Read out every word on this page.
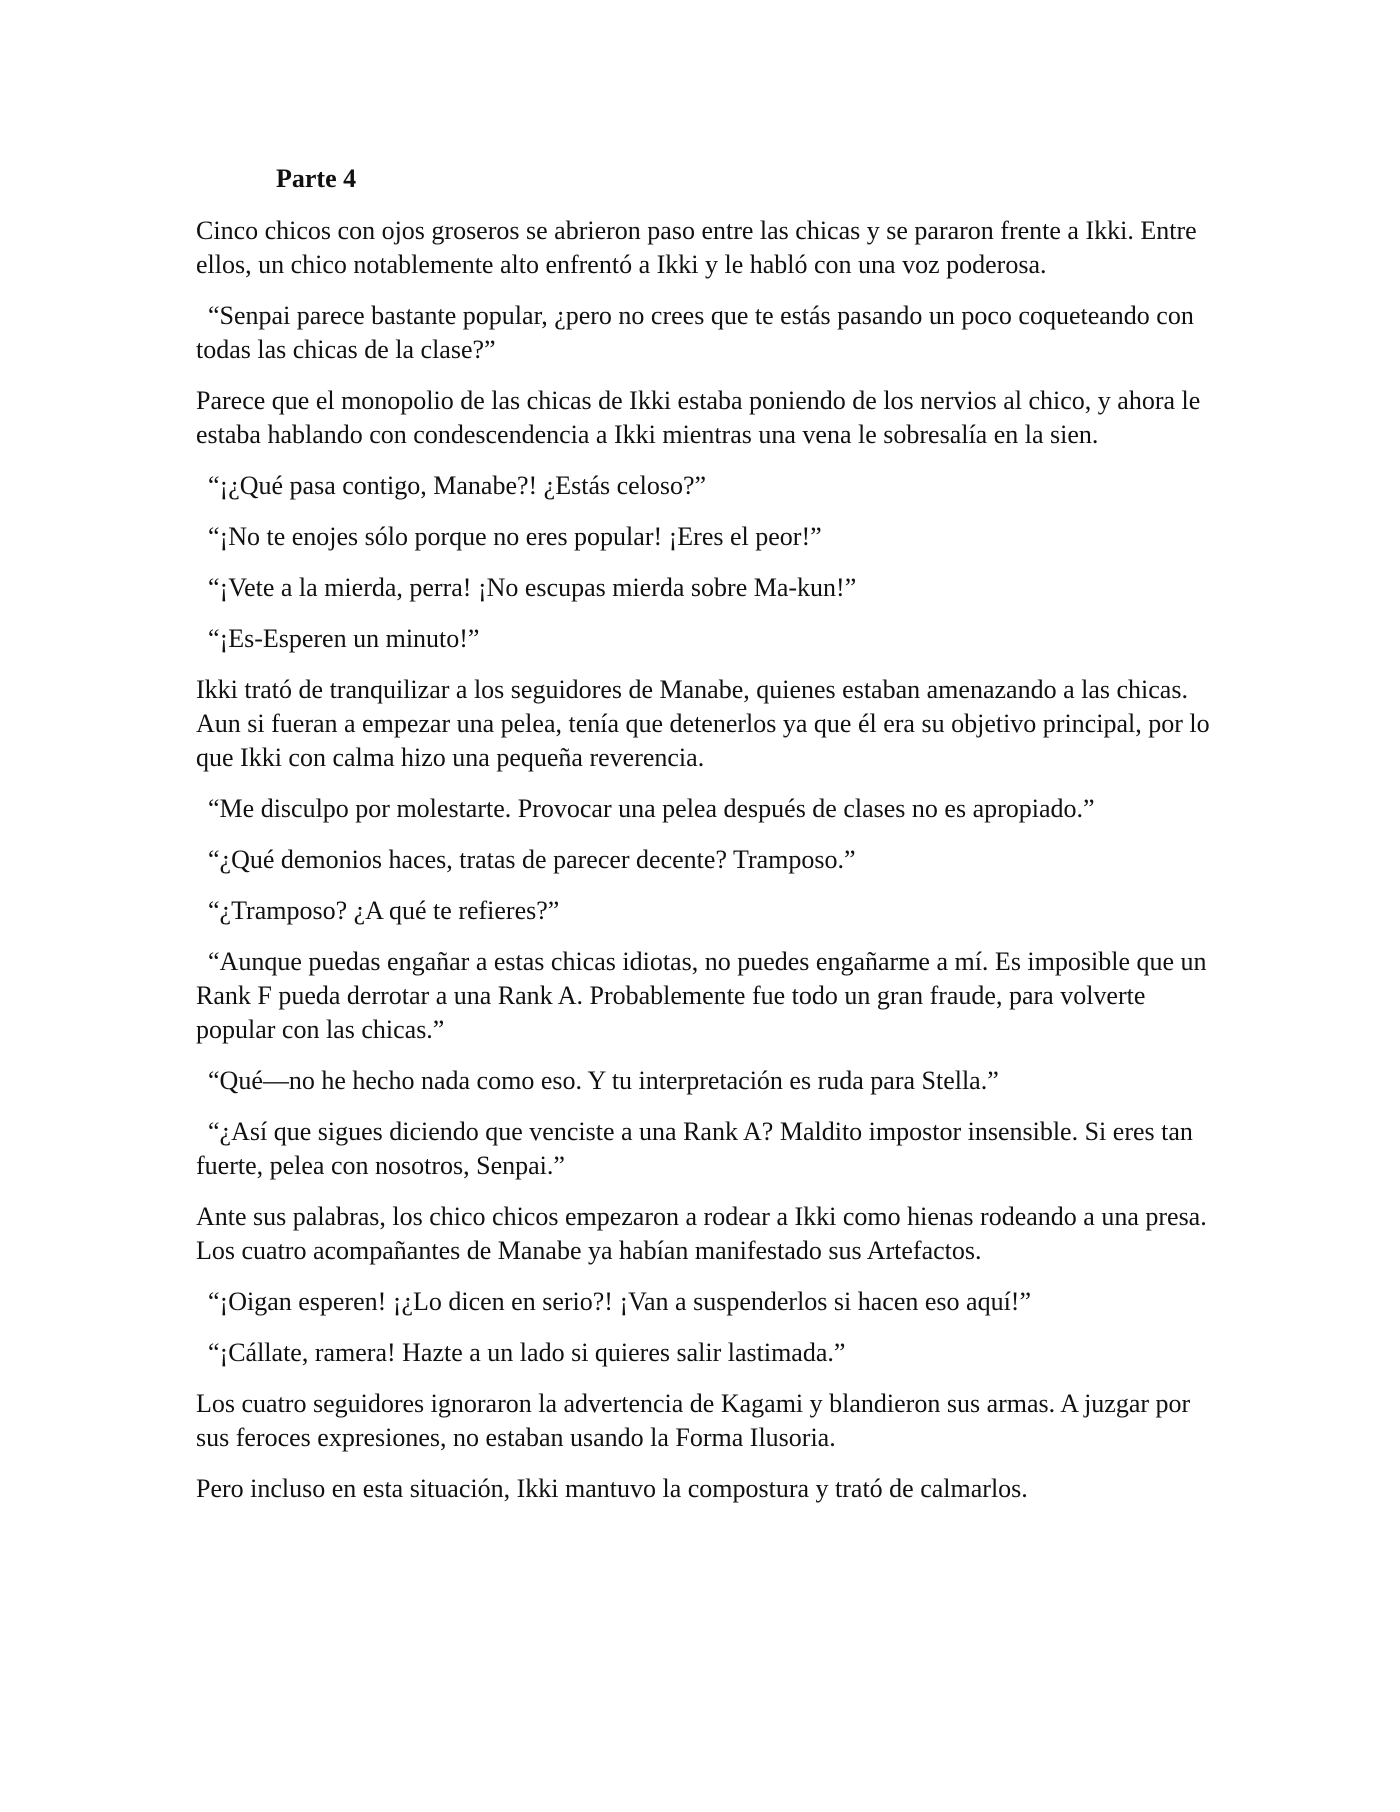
Parte 4

Cinco chicos con ojos groseros se abrieron paso entre las chicas y se pararon frente a Ikki. Entre ellos, un chico notablemente alto enfrentó a Ikki y le habló con una voz poderosa.

“Senpai parece bastante popular, ¿pero no crees que te estás pasando un poco coqueteando con todas las chicas de la clase?”

Parece que el monopolio de las chicas de Ikki estaba poniendo de los nervios al chico, y ahora le estaba hablando con condescendencia a Ikki mientras una vena le sobresalía en la sien.

“¡¿Qué pasa contigo, Manabe?! ¿Estás celoso?”

“¡No te enojes sólo porque no eres popular! ¡Eres el peor!”

“¡Vete a la mierda, perra! ¡No escupas mierda sobre Ma-kun!”

“¡Es-Esperen un minuto!”

Ikki trató de tranquilizar a los seguidores de Manabe, quienes estaban amenazando a las chicas. Aun si fueran a empezar una pelea, tenía que detenerlos ya que él era su objetivo principal, por lo que Ikki con calma hizo una pequeña reverencia.

“Me disculpo por molestarte. Provocar una pelea después de clases no es apropiado.”

“¿Qué demonios haces, tratas de parecer decente? Tramposo.”

“¿Tramposo? ¿A qué te refieres?”

“Aunque puedas engañar a estas chicas idiotas, no puedes engañarme a mí. Es imposible que un Rank F pueda derrotar a una Rank A. Probablemente fue todo un gran fraude, para volverte popular con las chicas.”

“Qué—no he hecho nada como eso. Y tu interpretación es ruda para Stella.”

“¿Así que sigues diciendo que venciste a una Rank A? Maldito impostor insensible. Si eres tan fuerte, pelea con nosotros, Senpai.”

Ante sus palabras, los chico chicos empezaron a rodear a Ikki como hienas rodeando a una presa. Los cuatro acompañantes de Manabe ya habían manifestado sus Artefactos.

“¡Oigan esperen! ¡¿Lo dicen en serio?! ¡Van a suspenderlos si hacen eso aquí!”

“¡Cállate, ramera! Hazte a un lado si quieres salir lastimada.”

Los cuatro seguidores ignoraron la advertencia de Kagami y blandieron sus armas. A juzgar por sus feroces expresiones, no estaban usando la Forma Ilusoria.

Pero incluso en esta situación, Ikki mantuvo la compostura y trató de calmarlos.
